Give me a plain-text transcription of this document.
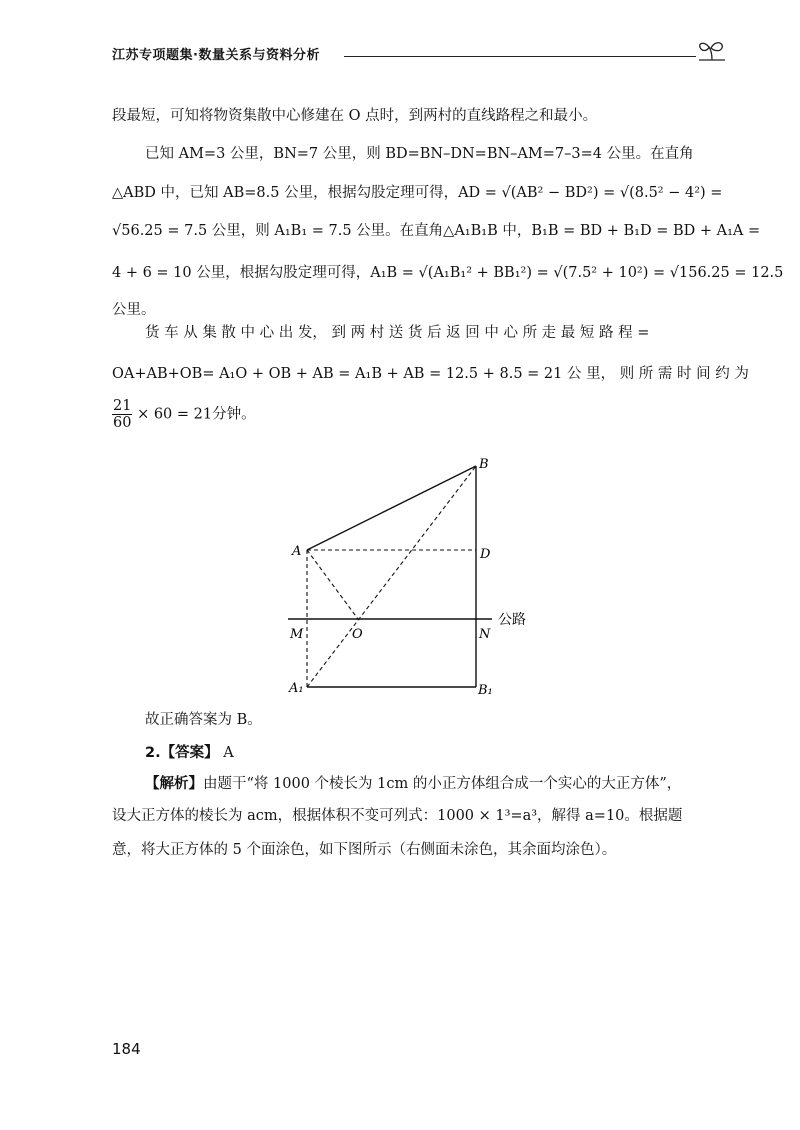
江苏专项题集·数量关系与资料分析
段最短，可知将物资集散中心修建在 O 点时，到两村的直线路程之和最小。
已知 AM=3 公里，BN=7 公里，则 BD=BN–DN=BN–AM=7–3=4 公里。在直角
△ABD 中，已知 AB=8.5 公里，根据勾股定理可得，AD = √(AB² − BD²) = √(8.5² − 4²) =
√56.25 = 7.5 公里，则 A₁B₁ = 7.5 公里。在直角△A₁B₁B 中，B₁B = BD + B₁D = BD + A₁A =
4 + 6 = 10 公里，根据勾股定理可得，A₁B = √(A₁B₁² + BB₁²) = √(7.5² + 10²) = √156.25 = 12.5
公里。
货 车 从 集 散 中 心 出 发， 到 两 村 送 货 后 返 回 中 心 所 走 最 短 路 程 =
OA+AB+OB= A₁O + OB + AB = A₁B + AB = 12.5 + 8.5 = 21 公 里， 则 所 需 时 间 约 为
$\frac{21}{60} \times 60 = 21$分钟。
B
A	D
M	O	N
公路
A₁	B₁
故正确答案为 B。
2.【答案】 A
【解析】由题干“将 1000 个棱长为 1cm 的小正方体组合成一个实心的大正方体”，
设大正方体的棱长为 acm，根据体积不变可列式：1000 × 1³=a³，解得 a=10。根据题
意，将大正方体的 5 个面涂色，如下图所示（右侧面未涂色，其余面均涂色）。
184
